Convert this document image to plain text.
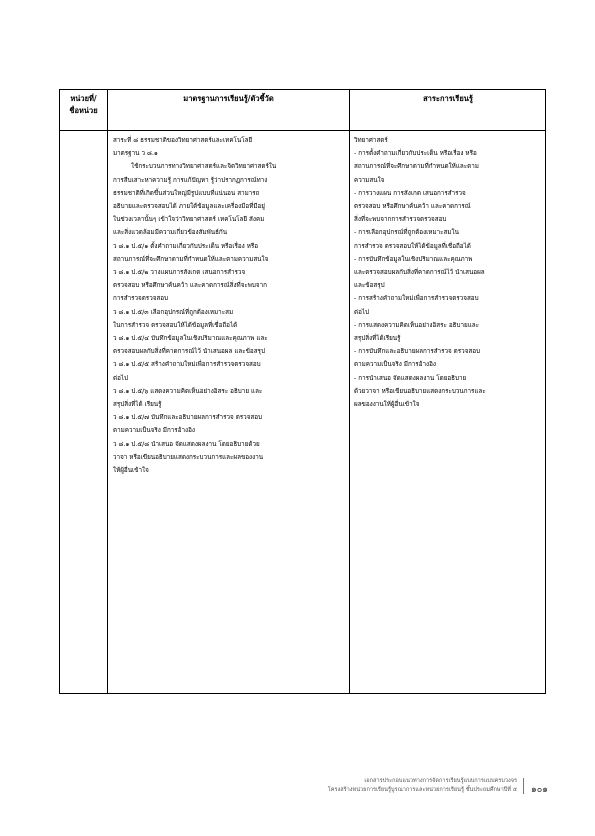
หน่วยที่/
ชื่อหน่วย
มาตรฐานการเรียนรู้/ตัวชี้วัด	สาระการเรียนรู้

สาระที่ ๘ ธรรมชาติของวิทยาศาสตร์และเทคโนโลยี

มาตรฐาน ว ๘.๑

ใช้กระบวนการทางวิทยาศาสตร์และจิตวิทยาศาสตร์ใน

การสืบเสาะหาความรู้ การแก้ปัญหา รู้ว่าปรากฏการณ์ทาง

ธรรมชาติที่เกิดขึ้นส่วนใหญ่มีรูปแบบที่แน่นอน สามารถ

อธิบายและตรวจสอบได้ ภายใต้ข้อมูลและเครื่องมือที่มีอยู่

ในช่วงเวลานั้นๆ เข้าใจว่าวิทยาศาสตร์ เทคโนโลยี สังคม

และสิ่งแวดล้อมมีความเกี่ยวข้องสัมพันธ์กัน

ว ๘.๑ ป.๕/๑ ตั้งคำถามเกี่ยวกับประเด็น หรือเรื่อง หรือ

สถานการณ์ที่จะศึกษาตามที่กำหนดให้และตามความสนใจ

ว ๘.๑ ป.๕/๒ วางแผนการสังเกต เสนอการสำรวจ

ตรวจสอบ หรือศึกษาค้นคว้า และคาดการณ์สิ่งที่จะพบจาก

การสำรวจตรวจสอบ

ว ๘.๑ ป.๕/๓ เลือกอุปกรณ์ที่ถูกต้องเหมาะสม

ในการสำรวจ ตรวจสอบให้ได้ข้อมูลที่เชื่อถือได้

ว ๘.๑ ป.๕/๔ บันทึกข้อมูลในเชิงปริมาณและคุณภาพ และ

ตรวจสอบผลกับสิ่งที่คาดการณ์ไว้ นำเสนอผล และข้อสรุป

ว ๘.๑ ป.๕/๕ สร้างคำถามใหม่เพื่อการสำรวจตรวจสอบ

ต่อไป

ว ๘.๑ ป.๕/๖ แสดงความคิดเห็นอย่างอิสระ อธิบาย และ

สรุปสิ่งที่ได้ เรียนรู้

ว ๘.๑ ป.๕/๗ บันทึกและอธิบายผลการสำรวจ ตรวจสอบ

ตามความเป็นจริง มีการอ้างอิง

ว ๘.๑ ป.๕/๘ นำเสนอ จัดแสดงผลงาน โดยอธิบายด้วย

วาจา หรือเขียนอธิบายแสดงกระบวนการและผลของงาน

ให้ผู้อื่นเข้าใจ

วิทยาศาสตร์

- การตั้งคำถามเกี่ยวกับประเด็น หรือเรื่อง หรือ

สถานการณ์ที่จะศึกษาตามที่กำหนดให้และตาม

ความสนใจ

- การวางแผน การสังเกต เสนอการสำรวจ

ตรวจสอบ หรือศึกษาค้นคว้า และคาดการณ์

สิ่งที่จะพบจากการสำรวจตรวจสอบ

- การเลือกอุปกรณ์ที่ถูกต้องเหมาะสมใน

การสำรวจ ตรวจสอบให้ได้ข้อมูลที่เชื่อถือได้

- การบันทึกข้อมูลในเชิงปริมาณและคุณภาพ

และตรวจสอบผลกับสิ่งที่คาดการณ์ไว้ นำเสนอผล

และข้อสรุป

- การสร้างคำถามใหม่เพื่อการสำรวจตรวจสอบ

ต่อไป

- การแสดงความคิดเห็นอย่างอิสระ อธิบายและ

สรุปสิ่งที่ได้เรียนรู้

- การบันทึกและอธิบายผลการสำรวจ ตรวจสอบ

ตามความเป็นจริง มีการอ้างอิง

- การนำเสนอ จัดแสดงผลงาน โดยอธิบาย

ด้วยวาจา หรือเขียนอธิบายแสดงกระบวนการและ

ผลของงานให้ผู้อื่นเข้าใจ

เอกสารประกอบแนวทางการจัดการเรียนรู้แบบการแบบครบวงจร
โครงสร้างหน่วยการเรียนรู้บูรณาการและหน่วยการเรียนรู้ ชั้นประถมศึกษาปีที่ ๕ ๑๐๑
